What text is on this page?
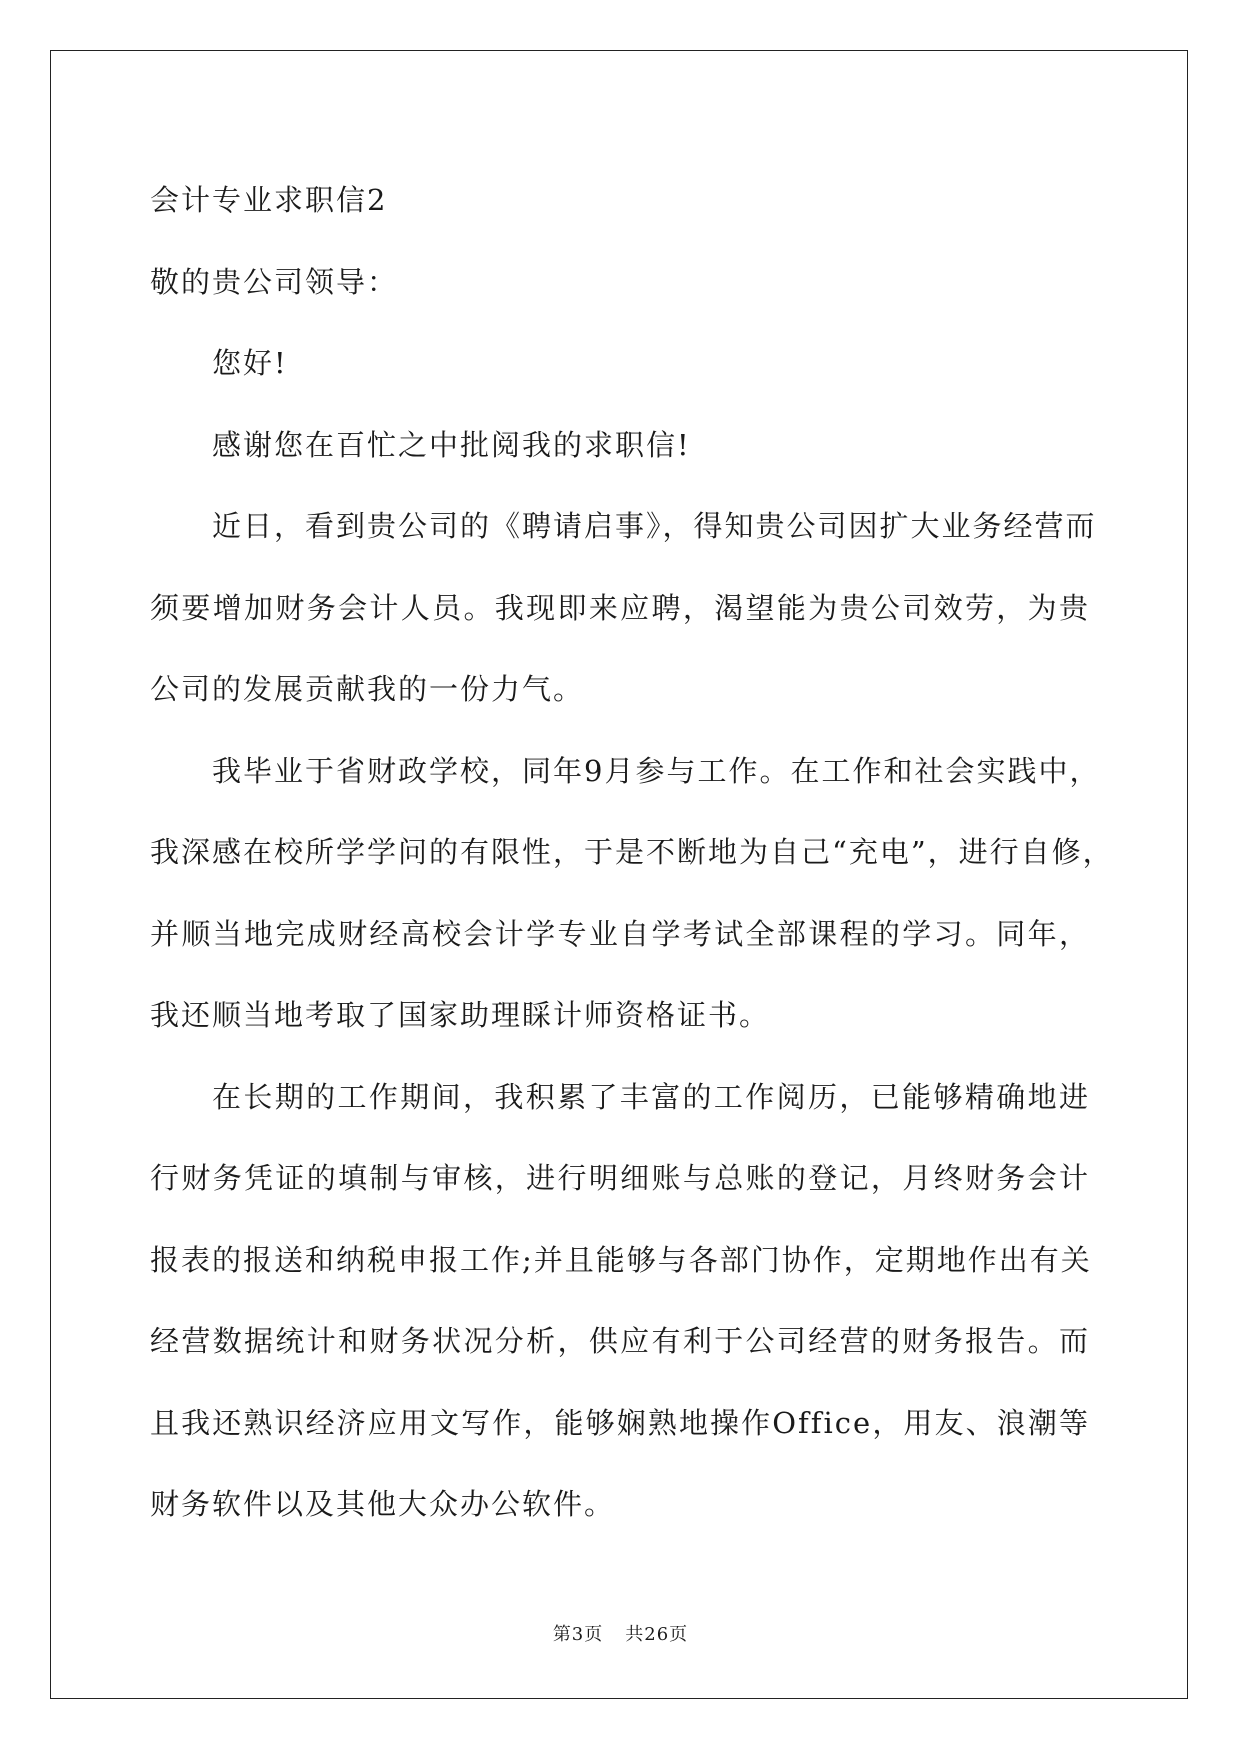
会计专业求职信2
敬的贵公司领导：
您好!
感谢您在百忙之中批阅我的求职信!
近日，看到贵公司的《聘请启事》，得知贵公司因扩大业务经营而
须要增加财务会计人员。我现即来应聘，渴望能为贵公司效劳，为贵
公司的发展贡献我的一份力气。
我毕业于省财政学校，同年9月参与工作。在工作和社会实践中，
我深感在校所学学问的有限性，于是不断地为自己“充电”，进行自修，
并顺当地完成财经高校会计学专业自学考试全部课程的学习。同年，
我还顺当地考取了国家助理睬计师资格证书。
在长期的工作期间，我积累了丰富的工作阅历，已能够精确地进
行财务凭证的填制与审核，进行明细账与总账的登记，月终财务会计
报表的报送和纳税申报工作;并且能够与各部门协作，定期地作出有关
经营数据统计和财务状况分析，供应有利于公司经营的财务报告。而
且我还熟识经济应用文写作，能够娴熟地操作Office，用友、浪潮等
财务软件以及其他大众办公软件。
第3页 共26页
